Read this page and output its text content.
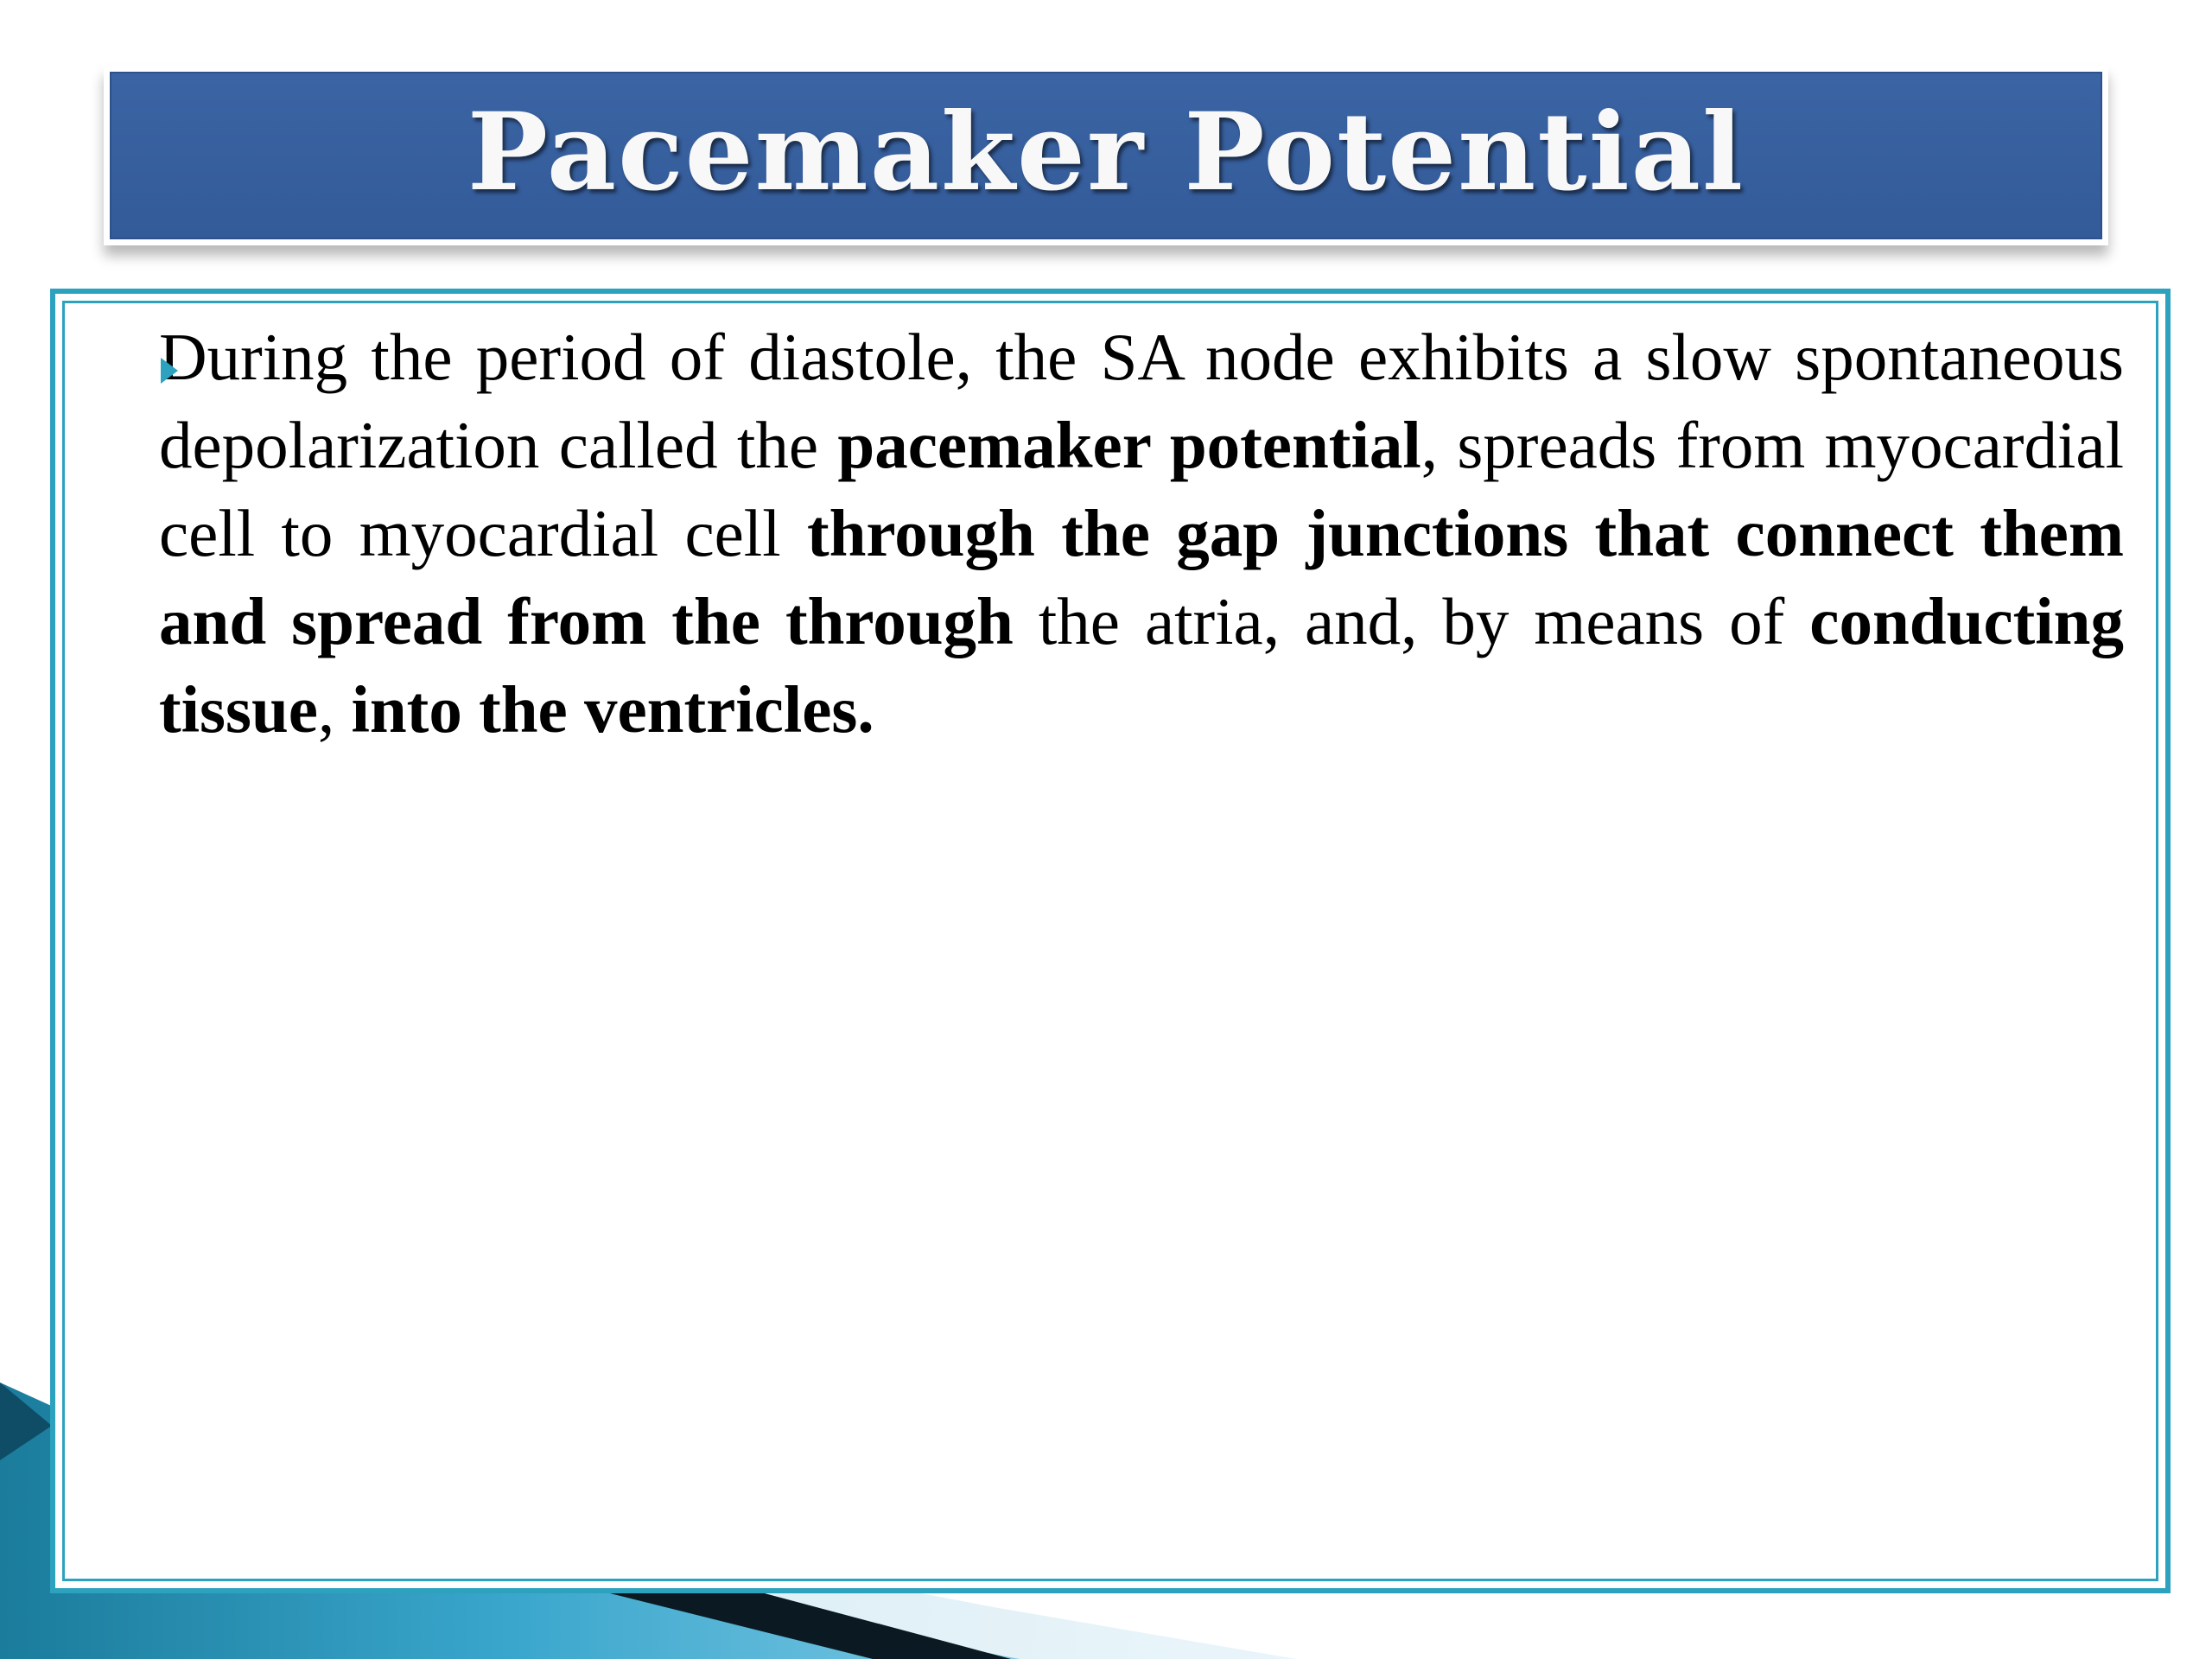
Pacemaker Potential

During the period of diastole, the SA node exhibits a slow spontaneous depolarization called the pacemaker potential, spreads from myocardial cell to myocardial cell through the gap junctions that connect them and spread from the through the atria, and, by means of conducting tissue, into the ventricles.
